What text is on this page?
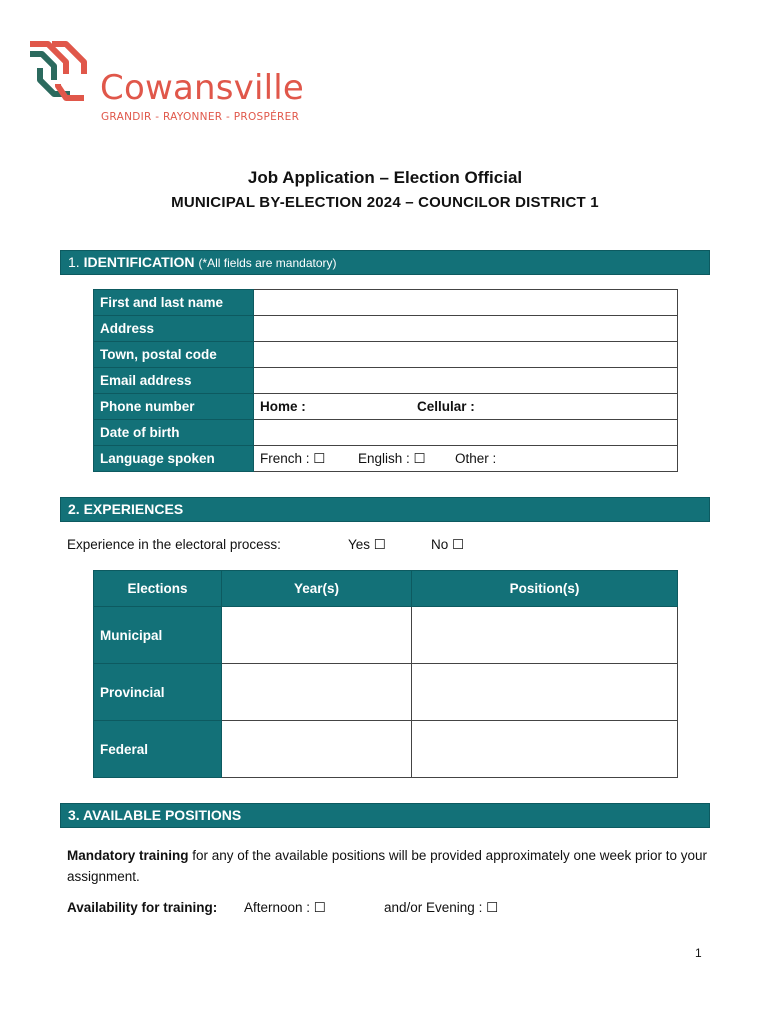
Cowansville
GRANDIR - RAYONNER - PROSPÉRER
Job Application – Election Official
MUNICIPAL BY-ELECTION 2024 – COUNCILOR DISTRICT 1
1. IDENTIFICATION (*All fields are mandatory)
First and last name	
Address	
Town, postal code	
Email address	
Phone number	Home : Cellular :
Date of birth	
Language spoken	French : ☐ English : ☐ Other :
2. EXPERIENCES
Experience in the electoral process:	Yes ☐	No ☐
Elections	Year(s)	Position(s)
Municipal		
Provincial		
Federal		
3. AVAILABLE POSITIONS
Mandatory training for any of the available positions will be provided approximately one week prior to your assignment.
Availability for training: Afternoon : ☐	and/or Evening : ☐
1
